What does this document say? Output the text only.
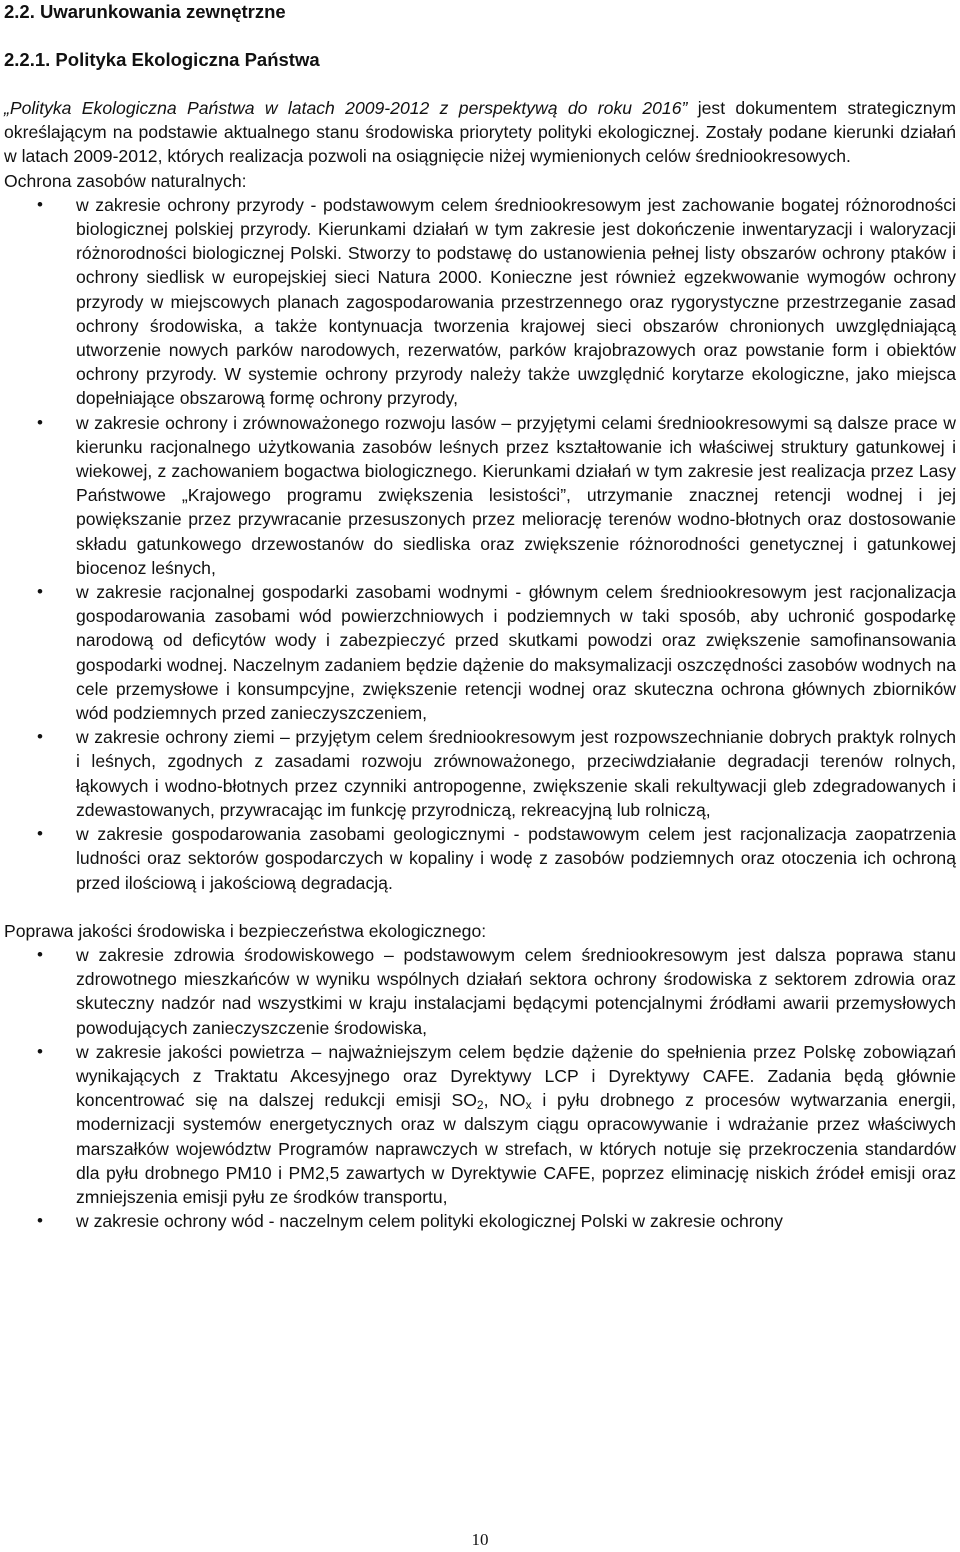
2.2. Uwarunkowania zewnętrzne
2.2.1. Polityka Ekologiczna Państwa

„Polityka Ekologiczna Państwa w latach 2009-2012 z perspektywą do roku 2016” jest dokumentem strategicznym określającym na podstawie aktualnego stanu środowiska priorytety polityki ekologicznej. Zostały podane kierunki działań w latach 2009-2012, których realizacja pozwoli na osiągnięcie niżej wymienionych celów średniookresowych.

Ochrona zasobów naturalnych:

• w zakresie ochrony przyrody - podstawowym celem średniookresowym jest zachowanie bogatej różnorodności biologicznej polskiej przyrody. Kierunkami działań w tym zakresie jest dokończenie inwentaryzacji i waloryzacji różnorodności biologicznej Polski. Stworzy to podstawę do ustanowienia pełnej listy obszarów ochrony ptaków i ochrony siedlisk w europejskiej sieci Natura 2000. Konieczne jest również egzekwowanie wymogów ochrony przyrody w miejscowych planach zagospodarowania przestrzennego oraz rygorystyczne przestrzeganie zasad ochrony środowiska, a także kontynuacja tworzenia krajowej sieci obszarów chronionych uwzględniającą utworzenie nowych parków narodowych, rezerwatów, parków krajobrazowych oraz powstanie form i obiektów ochrony przyrody. W systemie ochrony przyrody należy także uwzględnić korytarze ekologiczne, jako miejsca dopełniające obszarową formę ochrony przyrody,
• w zakresie ochrony i zrównoważonego rozwoju lasów – przyjętymi celami średniookresowymi są dalsze prace w kierunku racjonalnego użytkowania zasobów leśnych przez kształtowanie ich właściwej struktury gatunkowej i wiekowej, z zachowaniem bogactwa biologicznego. Kierunkami działań w tym zakresie jest realizacja przez Lasy Państwowe „Krajowego programu zwiększenia lesistości”, utrzymanie znacznej retencji wodnej i jej powiększanie przez przywracanie przesuszonych przez meliorację terenów wodno-błotnych oraz dostosowanie składu gatunkowego drzewostanów do siedliska oraz zwiększenie różnorodności genetycznej i gatunkowej biocenoz leśnych,
• w zakresie racjonalnej gospodarki zasobami wodnymi - głównym celem średniookresowym jest racjonalizacja gospodarowania zasobami wód powierzchniowych i podziemnych w taki sposób, aby uchronić gospodarkę narodową od deficytów wody i zabezpieczyć przed skutkami powodzi oraz zwiększenie samofinansowania gospodarki wodnej. Naczelnym zadaniem będzie dążenie do maksymalizacji oszczędności zasobów wodnych na cele przemysłowe i konsumpcyjne, zwiększenie retencji wodnej oraz skuteczna ochrona głównych zbiorników wód podziemnych przed zanieczyszczeniem,
• w zakresie ochrony ziemi – przyjętym celem średniookresowym jest rozpowszechnianie dobrych praktyk rolnych i leśnych, zgodnych z zasadami rozwoju zrównoważonego, przeciwdziałanie degradacji terenów rolnych, łąkowych i wodno-błotnych przez czynniki antropogenne, zwiększenie skali rekultywacji gleb zdegradowanych i zdewastowanych, przywracając im funkcję przyrodniczą, rekreacyjną lub rolniczą,
• w zakresie gospodarowania zasobami geologicznymi - podstawowym celem jest racjonalizacja zaopatrzenia ludności oraz sektorów gospodarczych w kopaliny i wodę z zasobów podziemnych oraz otoczenia ich ochroną przed ilościową i jakościową degradacją.

Poprawa jakości środowiska i bezpieczeństwa ekologicznego:

• w zakresie zdrowia środowiskowego – podstawowym celem średniookresowym jest dalsza poprawa stanu zdrowotnego mieszkańców w wyniku wspólnych działań sektora ochrony środowiska z sektorem zdrowia oraz skuteczny nadzór nad wszystkimi w kraju instalacjami będącymi potencjalnymi źródłami awarii przemysłowych powodujących zanieczyszczenie środowiska,
• w zakresie jakości powietrza – najważniejszym celem będzie dążenie do spełnienia przez Polskę zobowiązań wynikających z Traktatu Akcesyjnego oraz Dyrektywy LCP i Dyrektywy CAFE. Zadania będą głównie koncentrować się na dalszej redukcji emisji $SO_2$, $NO_x$ i pyłu drobnego z procesów wytwarzania energii, modernizacji systemów energetycznych oraz w dalszym ciągu opracowywanie i wdrażanie przez właściwych marszałków województw Programów naprawczych w strefach, w których notuje się przekroczenia standardów dla pyłu drobnego PM10 i PM2,5 zawartych w Dyrektywie CAFE, poprzez eliminację niskich źródeł emisji oraz zmniejszenia emisji pyłu ze środków transportu,
• w zakresie ochrony wód - naczelnym celem polityki ekologicznej Polski w zakresie ochrony
10
